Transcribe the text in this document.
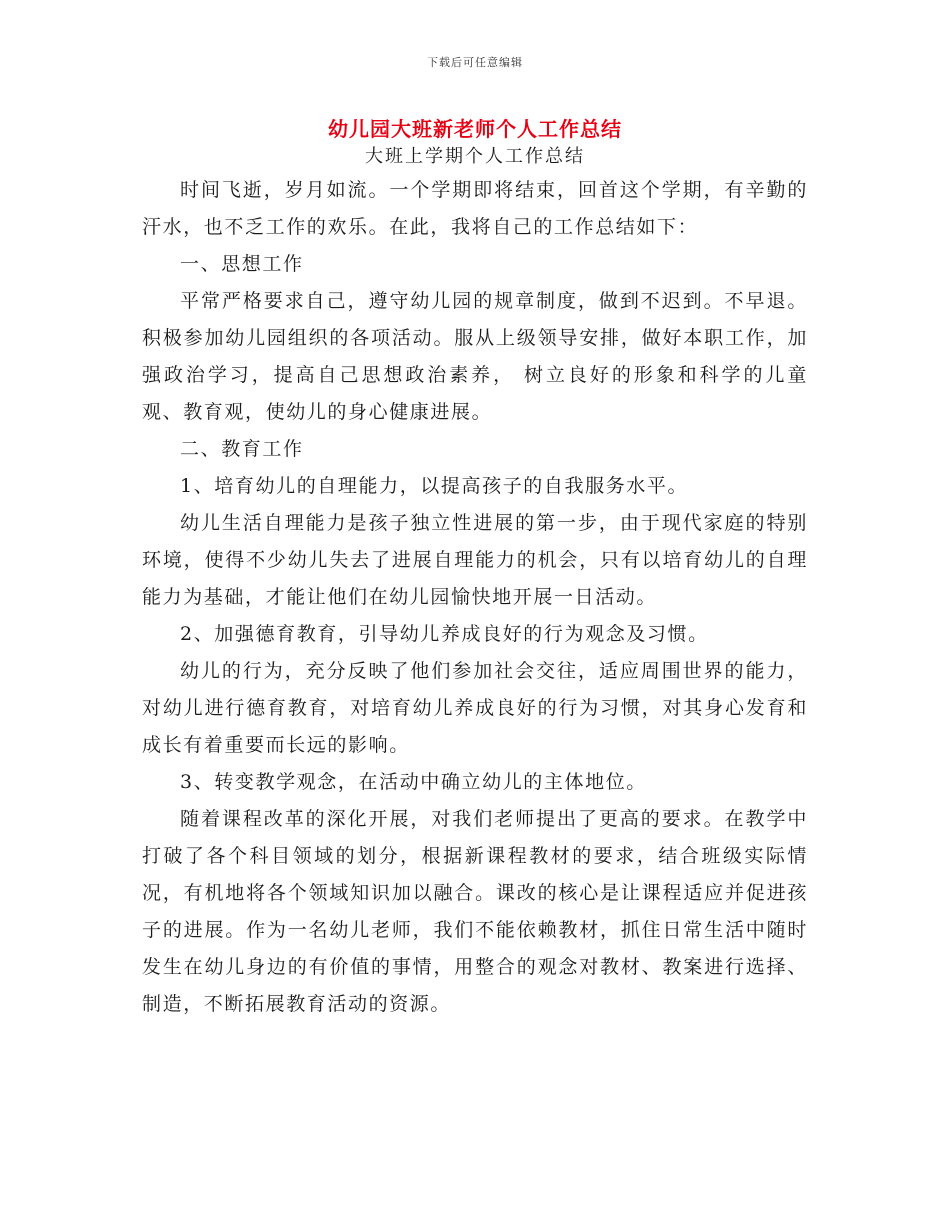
下载后可任意编辑
幼儿园大班新老师个人工作总结
大班上学期个人工作总结

时间飞逝，岁月如流。一个学期即将结束，回首这个学期，有辛勤的汗水，也不乏工作的欢乐。在此，我将自己的工作总结如下：

一、思想工作

平常严格要求自己，遵守幼儿园的规章制度，做到不迟到。不早退。积极参加幼儿园组织的各项活动。服从上级领导安排，做好本职工作，加强政治学习，提高自己思想政治素养， 树立良好的形象和科学的儿童观、教育观，使幼儿的身心健康进展。

二、教育工作

1、培育幼儿的自理能力，以提高孩子的自我服务水平。

幼儿生活自理能力是孩子独立性进展的第一步，由于现代家庭的特别环境，使得不少幼儿失去了进展自理能力的机会，只有以培育幼儿的自理能力为基础，才能让他们在幼儿园愉快地开展一日活动。

2、加强德育教育，引导幼儿养成良好的行为观念及习惯。

幼儿的行为，充分反映了他们参加社会交往，适应周围世界的能力，对幼儿进行德育教育，对培育幼儿养成良好的行为习惯，对其身心发育和成长有着重要而长远的影响。

3、转变教学观念，在活动中确立幼儿的主体地位。

随着课程改革的深化开展，对我们老师提出了更高的要求。在教学中打破了各个科目领域的划分，根据新课程教材的要求，结合班级实际情况，有机地将各个领域知识加以融合。课改的核心是让课程适应并促进孩子的进展。作为一名幼儿老师，我们不能依赖教材，抓住日常生活中随时发生在幼儿身边的有价值的事情，用整合的观念对教材、教案进行选择、制造，不断拓展教育活动的资源。
